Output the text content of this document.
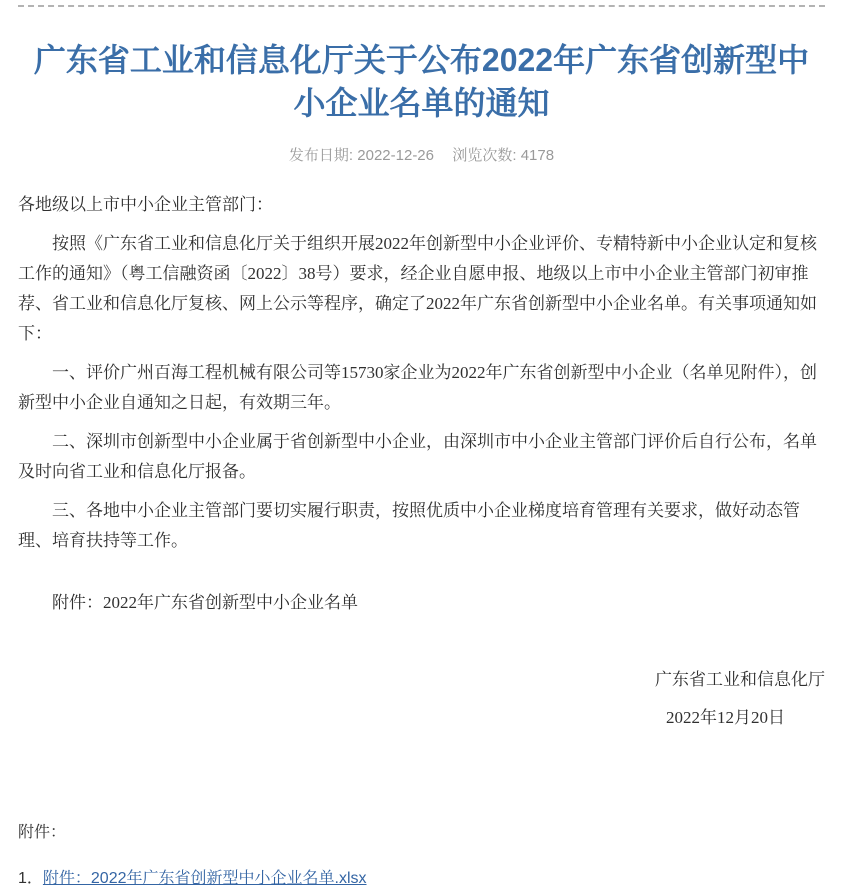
广东省工业和信息化厅关于公布2022年广东省创新型中
小企业名单的通知
发布日期: 2022-12-26 浏览次数: 4178

各地级以上市中小企业主管部门：

按照《广东省工业和信息化厅关于组织开展2022年创新型中小企业评价、专精特新中小企业认定和复核工作的通知》（粤工信融资函〔2022〕38号）要求，经企业自愿申报、地级以上市中小企业主管部门初审推荐、省工业和信息化厅复核、网上公示等程序，确定了2022年广东省创新型中小企业名单。有关事项通知如下：

一、评价广州百海工程机械有限公司等15730家企业为2022年广东省创新型中小企业（名单见附件），创新型中小企业自通知之日起，有效期三年。

二、深圳市创新型中小企业属于省创新型中小企业，由深圳市中小企业主管部门评价后自行公布，名单及时向省工业和信息化厅报备。

三、各地中小企业主管部门要切实履行职责，按照优质中小企业梯度培育管理有关要求，做好动态管理、培育扶持等工作。

附件：2022年广东省创新型中小企业名单

广东省工业和信息化厅
2022年12月20日
附件：
1．附件：2022年广东省创新型中小企业名单.xlsx
